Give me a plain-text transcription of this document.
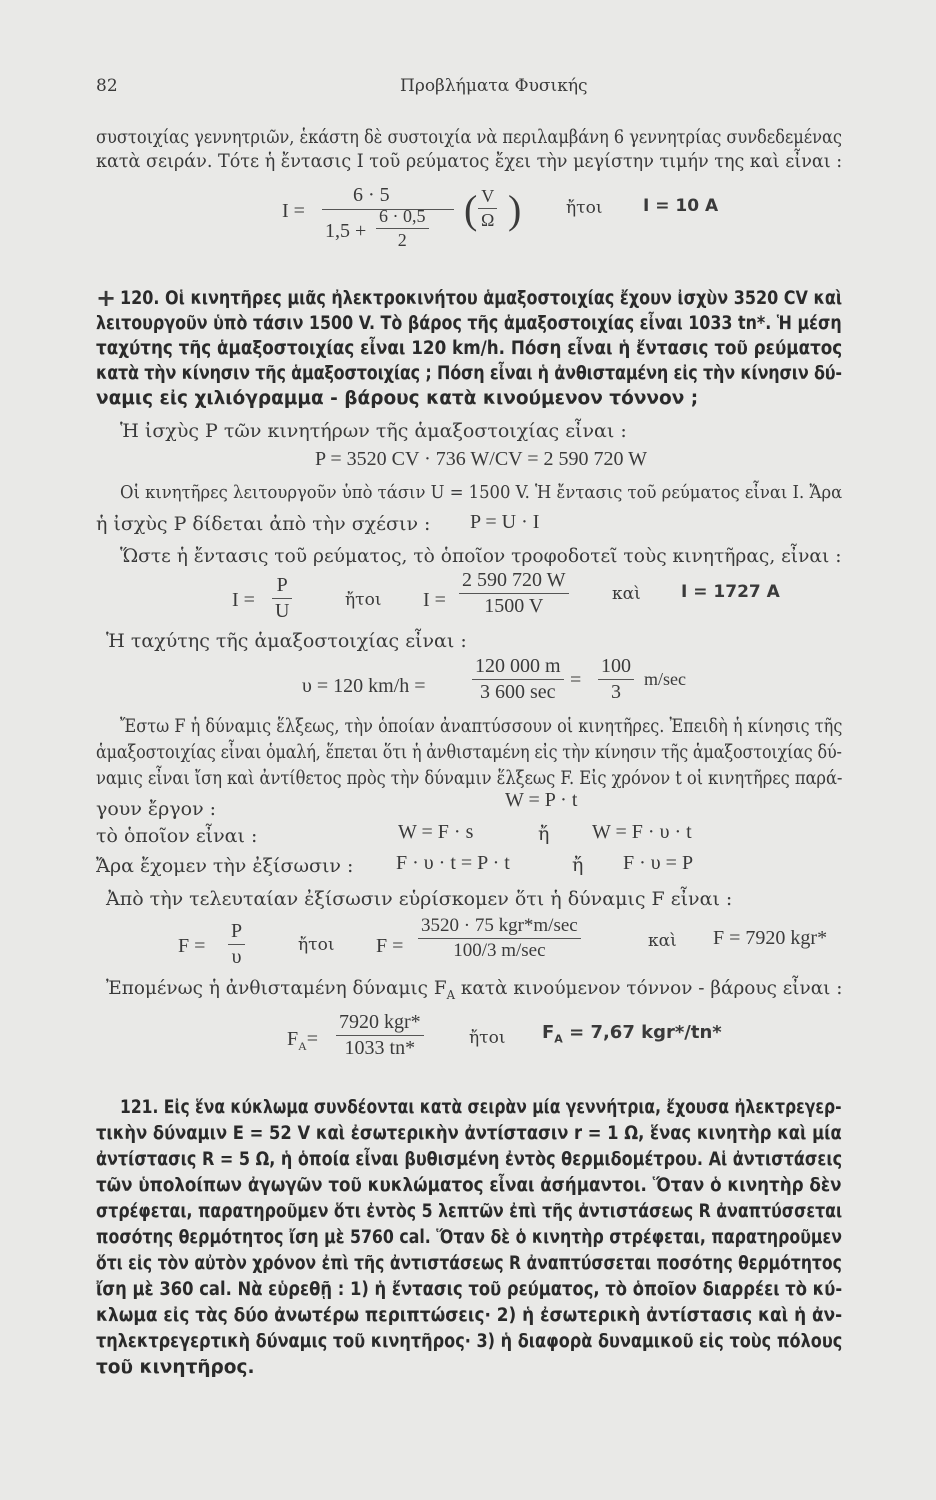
82	Προβλήματα Φυσικής
συστοιχίας γεννητριῶν, ἑκάστη δὲ συστοιχία νὰ περιλαμβάνη 6 γεννητρίας συνδεδεμένας
κατὰ σειράν. Τότε ἡ ἔντασις I τοῦ ρεύματος ἔχει τὴν μεγίστην τιμήν της καὶ εἶναι :
I =
6 · 5
$1,5 + \frac{6 \cdot 0,5}{2}$ ( $\frac{V}{\Omega}$ )	ἤτοι I = 10 A
+ 120. Οἱ κινητῆρες μιᾶς ἠλεκτροκινήτου ἁμαξοστοιχίας ἔχουν ἰσχὺν 3520 CV καὶ
λειτουργοῦν ὑπὸ τάσιν 1500 V. Τὸ βάρος τῆς ἁμαξοστοιχίας εἶναι 1033 tn*. Ἡ μέση
ταχύτης τῆς ἁμαξοστοιχίας εἶναι 120 km/h. Πόση εἶναι ἡ ἔντασις τοῦ ρεύματος
κατὰ τὴν κίνησιν τῆς ἁμαξοστοιχίας ; Πόση εἶναι ἡ ἀνθισταμένη εἰς τὴν κίνησιν δύ-
ναμις εἰς χιλιόγραμμα - βάρους κατὰ κινούμενον τόννον ;
Ἡ ἰσχὺς P τῶν κινητήρων τῆς ἁμαξοστοιχίας εἶναι :
P = 3520 CV · 736 W/CV = 2 590 720 W
Οἱ κινητῆρες λειτουργοῦν ὑπὸ τάσιν U = 1500 V. Ἡ ἔντασις τοῦ ρεύματος εἶναι I. Ἄρα
ἡ ἰσχὺς P δίδεται ἀπὸ τὴν σχέσιν : P = U · I
Ὥστε ἡ ἔντασις τοῦ ρεύματος, τὸ ὁποῖον τροφοδοτεῖ τοὺς κινητῆρας, εἶναι :
$I = \frac{P}{U}$	ἤτοι $I = \frac{2 590 720 W}{1500 V}$	καὶ I = 1727 A
Ἡ ταχύτης τῆς ἁμαξοστοιχίας εἶναι :
υ = 120 km/h =
120 000 m
3 600 sec
= $\frac{100}{3} m/\sec$
Ἔστω F ἡ δύναμις ἕλξεως, τὴν ὁποίαν ἀναπτύσσουν οἱ κινητῆρες. Ἐπειδὴ ἡ κίνησις τῆς
ἁμαξοστοιχίας εἶναι ὁμαλή, ἕπεται ὅτι ἡ ἀνθισταμένη εἰς τὴν κίνησιν τῆς ἁμαξοστοιχίας δύ-
ναμις εἶναι ἴση καὶ ἀντίθετος πρὸς τὴν δύναμιν ἕλξεως F. Εἰς χρόνον t οἱ κινητῆρες παρά-
γουν ἔργον :	W = P · t
τὸ ὁποῖον εἶναι :	W = F · s	ἤ W = F · υ · t
Ἄρα ἔχομεν τὴν ἐξίσωσιν : F · υ · t = P · t	ἤ F · υ = P
Ἀπὸ τὴν τελευταίαν ἐξίσωσιν εὑρίσκομεν ὅτι ἡ δύναμις F εἶναι :
$F = \frac{P}{\upsilon}$	ἤτοι F =
3520 · 75 kgr*m/sec
100/3 m/sec	καὶ F = 7920 kgr*
Ἐπομένως ἡ ἀνθισταμένη δύναμις $F_A$ κατὰ κινούμενον τόννον - βάρους εἶναι :
$F_A=$
7920 kgr*
1033 tn*	ἤτοι $F_A = 7,67$ kgr*/tn*
121. Εἰς ἕνα κύκλωμα συνδέονται κατὰ σειρὰν μία γεννήτρια, ἔχουσα ἠλεκτρεγερ-
τικὴν δύναμιν E = 52 V καὶ ἐσωτερικὴν ἀντίστασιν r = 1 Ω, ἕνας κινητὴρ καὶ μία
ἀντίστασις R = 5 Ω, ἡ ὁποία εἶναι βυθισμένη ἐντὸς θερμιδομέτρου. Αἱ ἀντιστάσεις
τῶν ὑπολοίπων ἀγωγῶν τοῦ κυκλώματος εἶναι ἀσήμαντοι. Ὅταν ὁ κινητὴρ δὲν
στρέφεται, παρατηροῦμεν ὅτι ἐντὸς 5 λεπτῶν ἐπὶ τῆς ἀντιστάσεως R ἀναπτύσσεται
ποσότης θερμότητος ἴση μὲ 5760 cal. Ὅταν δὲ ὁ κινητὴρ στρέφεται, παρατηροῦμεν
ὅτι εἰς τὸν αὐτὸν χρόνον ἐπὶ τῆς ἀντιστάσεως R ἀναπτύσσεται ποσότης θερμότητος
ἴση μὲ 360 cal. Νὰ εὑρεθῇ : 1) ἡ ἔντασις τοῦ ρεύματος, τὸ ὁποῖον διαρρέει τὸ κύ-
κλωμα εἰς τὰς δύο ἀνωτέρω περιπτώσεις· 2) ἡ ἐσωτερικὴ ἀντίστασις καὶ ἡ ἀν-
τηλεκτρεγερτικὴ δύναμις τοῦ κινητῆρος· 3) ἡ διαφορὰ δυναμικοῦ εἰς τοὺς πόλους
τοῦ κινητῆρος.
